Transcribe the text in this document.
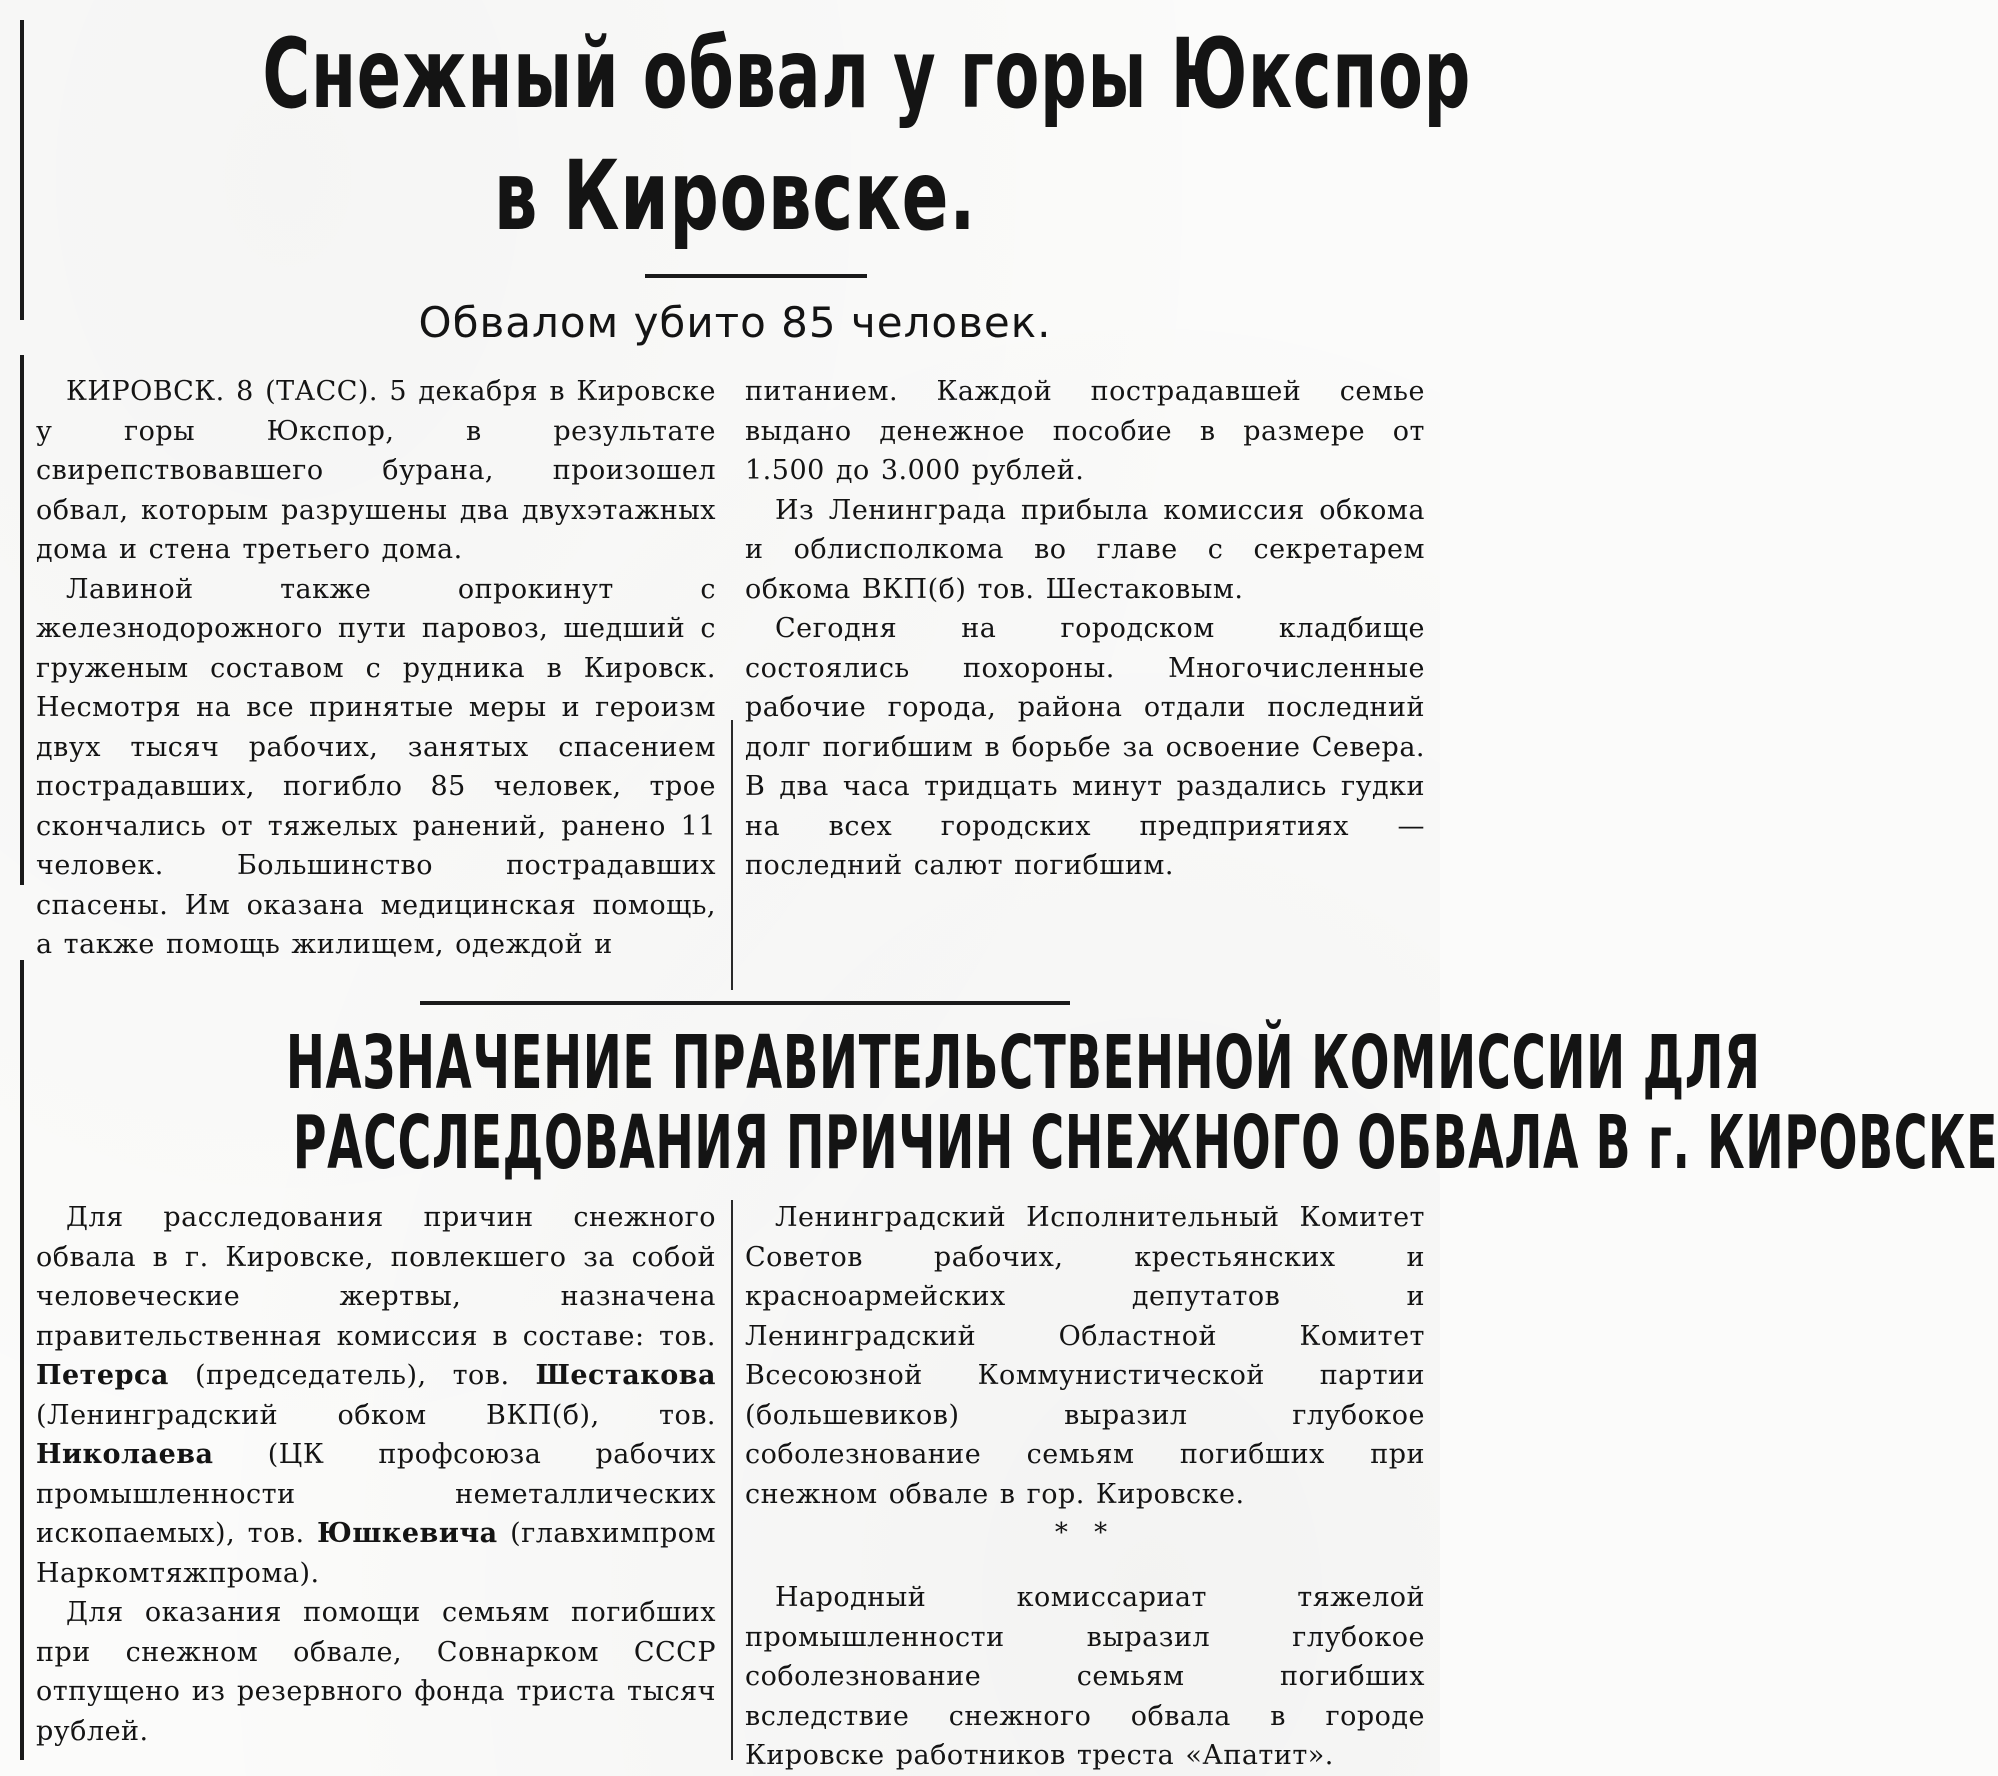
Снежный обвал у горы Юкспор
в Кировске.
Обвалом убито 85 человек.

КИРОВСК. 8 (ТАСС). 5 декабря в Кировске у горы Юкспор, в результате свирепствовавшего бурана, произошел обвал, которым разрушены два двухэтажных дома и стена третьего дома.

Лавиной также опрокинут с железнодорожного пути паровоз, шедший с груженым составом с рудника в Кировск. Несмотря на все принятые меры и героизм двух тысяч рабочих, занятых спасением пострадавших, погибло 85 человек, трое скончались от тяжелых ранений, ранено 11 человек. Большинство пострадавших спасены. Им оказана медицинская помощь, а также помощь жилищем, одеждой и

питанием. Каждой пострадавшей семье выдано денежное пособие в размере от 1.500 до 3.000 рублей.

Из Ленинграда прибыла комиссия обкома и облисполкома во главе с секретарем обкома ВКП(б) тов. Шестаковым.

Сегодня на городском кладбище состоялись похороны. Многочисленные рабочие города, района отдали последний долг погибшим в борьбе за освоение Севера. В два часа тридцать минут раздались гудки на всех городских предприятиях — последний салют погибшим.

НАЗНАЧЕНИЕ ПРАВИТЕЛЬСТВЕННОЙ КОМИССИИ ДЛЯ
РАССЛЕДОВАНИЯ ПРИЧИН СНЕЖНОГО ОБВАЛА В г. КИРОВСКЕ

Для расследования причин снежного обвала в г. Кировске, повлекшего за собой человеческие жертвы, назначена правительственная комиссия в составе: тов. Петерса (председатель), тов. Шестакова (Ленинградский обком ВКП(б), тов. Николаева (ЦК профсоюза рабочих промышленности неметаллических ископаемых), тов. Юшкевича (главхимпром Наркомтяжпрома).

Для оказания помощи семьям погибших при снежном обвале, Совнарком СССР отпущено из резервного фонда триста тысяч рублей.

Ленинградский Исполнительный Комитет Советов рабочих, крестьянских и красноармейских депутатов и Ленинградский Областной Комитет Всесоюзной Коммунистической партии (большевиков) выразил глубокое соболезнование семьям погибших при снежном обвале в гор. Кировске.

* *

Народный комиссариат тяжелой промышленности выразил глубокое соболезнование семьям погибших вследствие снежного обвала в городе Кировске работников треста «Апатит».
